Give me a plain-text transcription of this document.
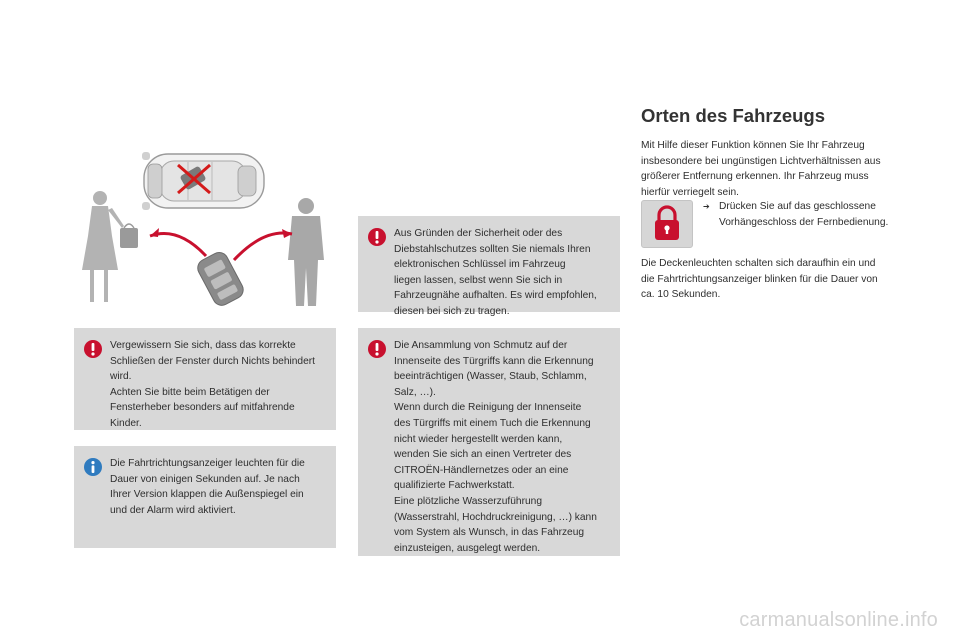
Aus Gründen der Sicherheit oder des
Diebstahlschutzes sollten Sie niemals Ihren
elektronischen Schlüssel im Fahrzeug
liegen lassen, selbst wenn Sie sich in
Fahrzeugnähe aufhalten. Es wird empfohlen,
diesen bei sich zu tragen.
Vergewissern Sie sich, dass das korrekte
Schließen der Fenster durch Nichts behindert
wird.
Achten Sie bitte beim Betätigen der
Fensterheber besonders auf mitfahrende
Kinder.
Die Ansammlung von Schmutz auf der
Innenseite des Türgriffs kann die Erkennung
beeinträchtigen (Wasser, Staub, Schlamm,
Salz, …).
Wenn durch die Reinigung der Innenseite
des Türgriffs mit einem Tuch die Erkennung
nicht wieder hergestellt werden kann,
wenden Sie sich an einen Vertreter des
CITROËN-Händlernetzes oder an eine
qualifizierte Fachwerkstatt.
Eine plötzliche Wasserzuführung
(Wasserstrahl, Hochdruckreinigung, …) kann
vom System als Wunsch, in das Fahrzeug
einzusteigen, ausgelegt werden.
Die Fahrtrichtungsanzeiger leuchten für die
Dauer von einigen Sekunden auf. Je nach
Ihrer Version klappen die Außenspiegel ein
und der Alarm wird aktiviert.
Orten des Fahrzeugs
Mit Hilfe dieser Funktion können Sie Ihr Fahrzeug
insbesondere bei ungünstigen Lichtverhältnissen aus
größerer Entfernung erkennen. Ihr Fahrzeug muss
hierfür verriegelt sein.
➔ Drücken Sie auf das geschlossene Vorhängeschloss der Fernbedienung.
Die Deckenleuchten schalten sich daraufhin ein und
die Fahrtrichtungsanzeiger blinken für die Dauer von
ca. 10 Sekunden.
carmanualsonline.info
